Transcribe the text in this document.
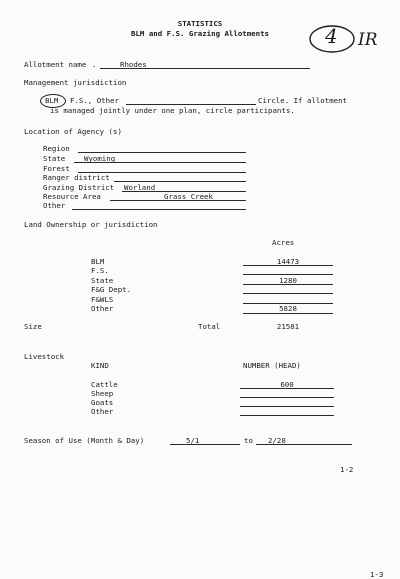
STATISTICS
BLM and F.S. Grazing Allotments	4 IR
Allotment name .	Rhodes
Management jurisdiction
BLM F.S., Other	Circle. If allotment
is managed jointly under one plan, circle participants.
Location of Agency (s)
Region
State	Wyoming
Forest
Ranger district
Grazing District Worland
Resource Area	Grass Creek
Other
Land Ownership or jurisdiction
Acres
BLM	14473
F.S.
State	1280
F&G Dept.
F&WLS
Other	5828
Size	Total	21581
Livestock
KIND	NUMBER (HEAD)
Cattle	600
Sheep
Goats
Other
Season of Use (Month & Day)	5/1	to 2/28
1-2
1-3
